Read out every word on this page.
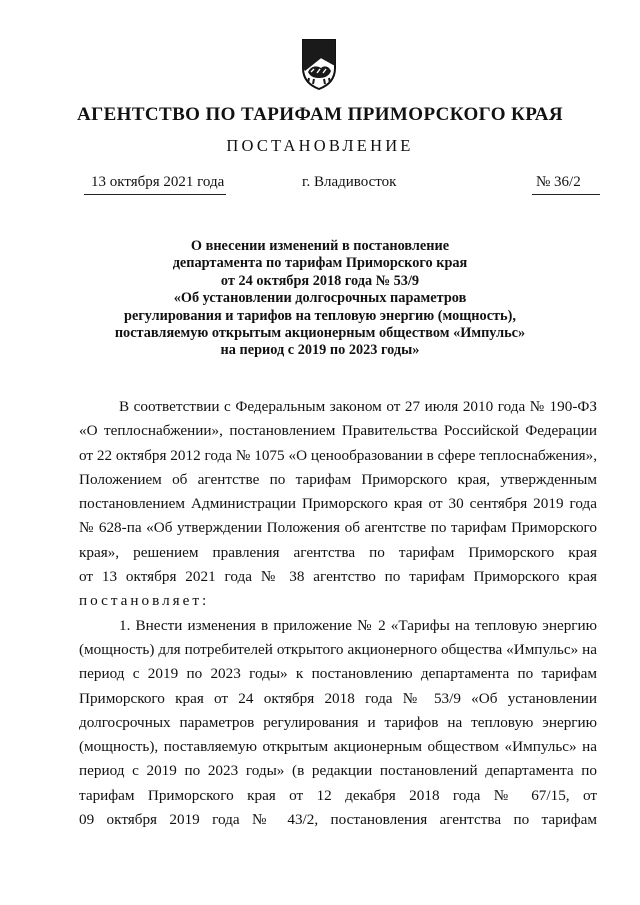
АГЕНТСТВО ПО ТАРИФАМ ПРИМОРСКОГО КРАЯ
ПОСТАНОВЛЕНИЕ
13 октября 2021 года	г. Владивосток	№ 36/2
О внесении изменений в постановление
департамента по тарифам Приморского края
от 24 октября 2018 года № 53/9
«Об установлении долгосрочных параметров
регулирования и тарифов на тепловую энергию (мощность),
поставляемую открытым акционерным обществом «Импульс»
на период с 2019 по 2023 годы»
В соответствии с Федеральным законом от 27 июля 2010 года № 190-ФЗ
«О теплоснабжении», постановлением Правительства Российской Федерации
от 22 октября 2012 года № 1075 «О ценообразовании в сфере теплоснабжения»,
Положением об агентстве по тарифам Приморского края, утвержденным
постановлением Администрации Приморского края от 30 сентября 2019 года
№ 628-па «Об утверждении Положения об агентстве по тарифам Приморского
края», решением правления агентства по тарифам Приморского края
от 13 октября 2021 года № 38 агентство по тарифам Приморского края
постановляет:
1. Внести изменения в приложение № 2 «Тарифы на тепловую энергию
(мощность) для потребителей открытого акционерного общества «Импульс» на
период с 2019 по 2023 годы» к постановлению департамента по тарифам
Приморского края от 24 октября 2018 года № 53/9 «Об установлении
долгосрочных параметров регулирования и тарифов на тепловую энергию
(мощность), поставляемую открытым акционерным обществом «Импульс» на
период с 2019 по 2023 годы» (в редакции постановлений департамента по
тарифам Приморского края от 12 декабря 2018 года № 67/15, от
09 октября 2019 года № 43/2, постановления агентства по тарифам
